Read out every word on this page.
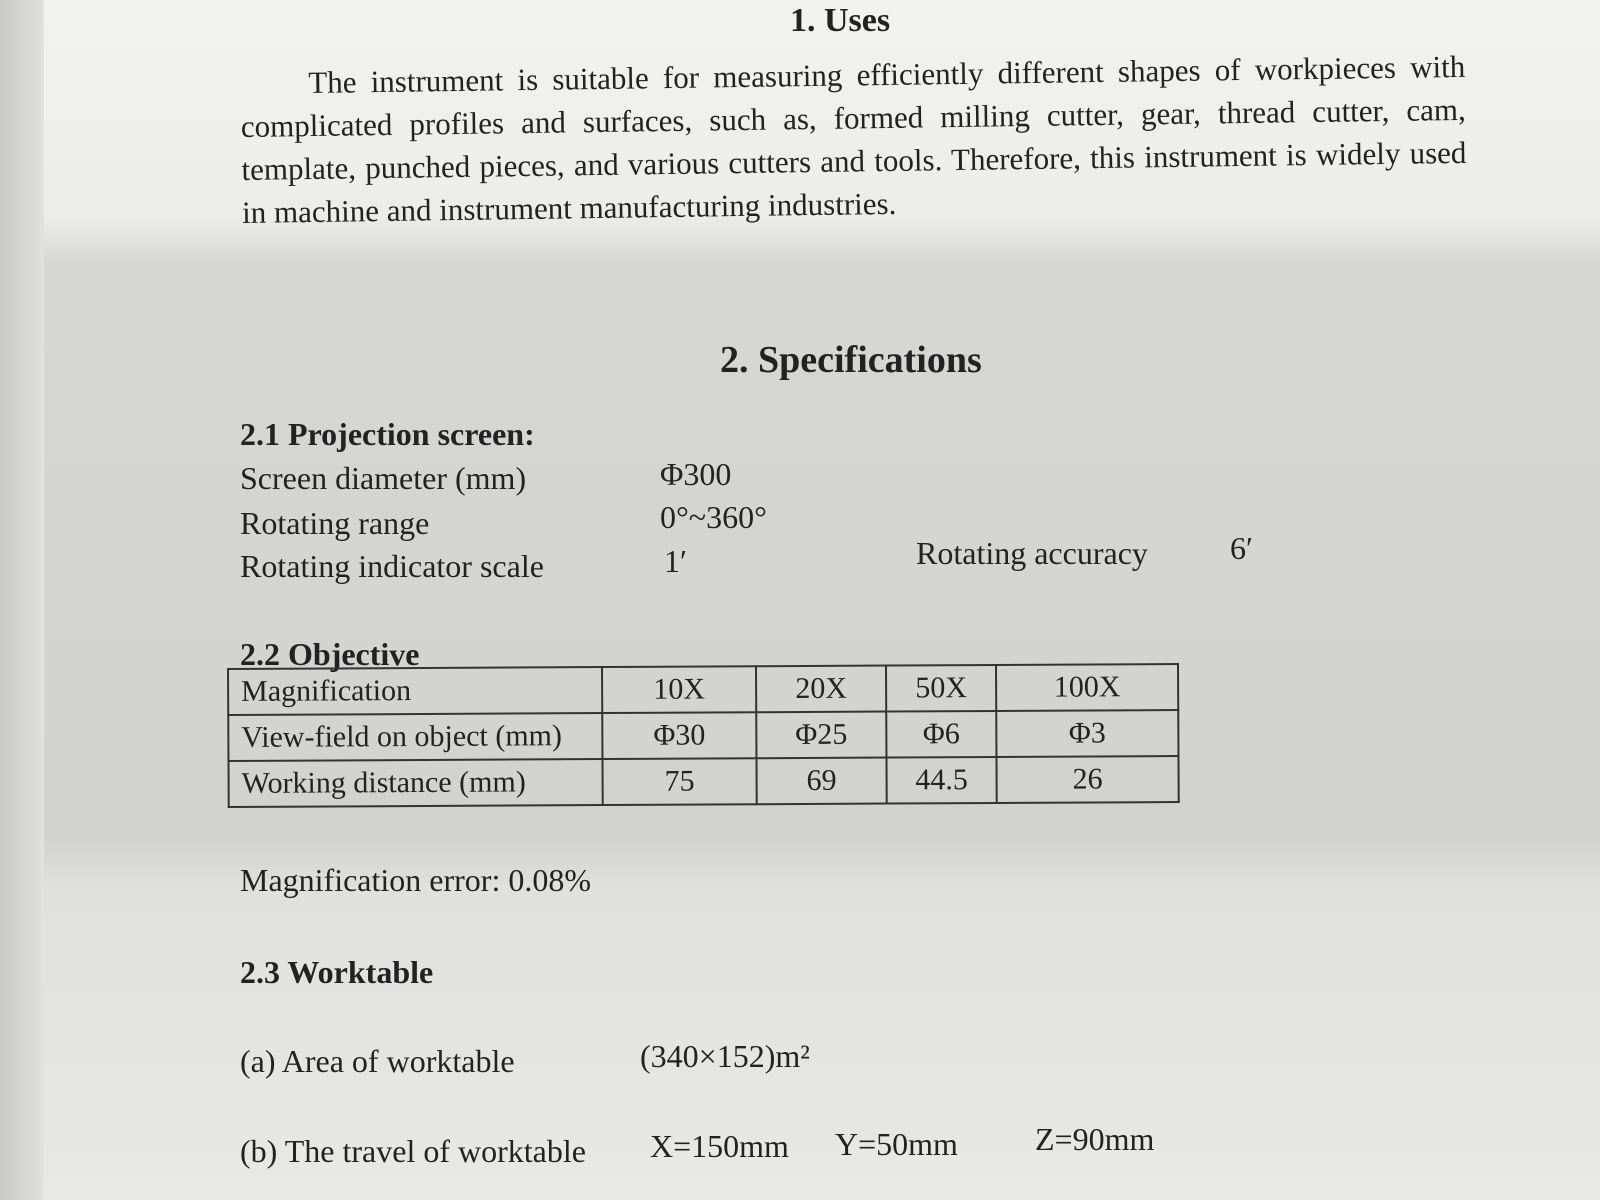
1. Uses
The instrument is suitable for measuring efficiently different shapes of workpieces with complicated profiles and surfaces, such as, formed milling cutter, gear, thread cutter, cam, template, punched pieces, and various cutters and tools. Therefore, this instrument is widely used in machine and instrument manufacturing industries.
2. Specifications
2.1 Projection screen:
Screen diameter (mm)	Φ300
Rotating range	0°~360°
Rotating indicator scale	1′	Rotating accuracy	6′
2.2 Objective
Magnification	10X	20X	50X	100X
View-field on object (mm)	Φ30	Φ25	Φ6	Φ3
Working distance (mm)	75	69	44.5	26
Magnification error: 0.08%
2.3 Worktable
(a) Area of worktable	(340×152)m²
(b) The travel of worktable X=150mm Y=50mm Z=90mm
